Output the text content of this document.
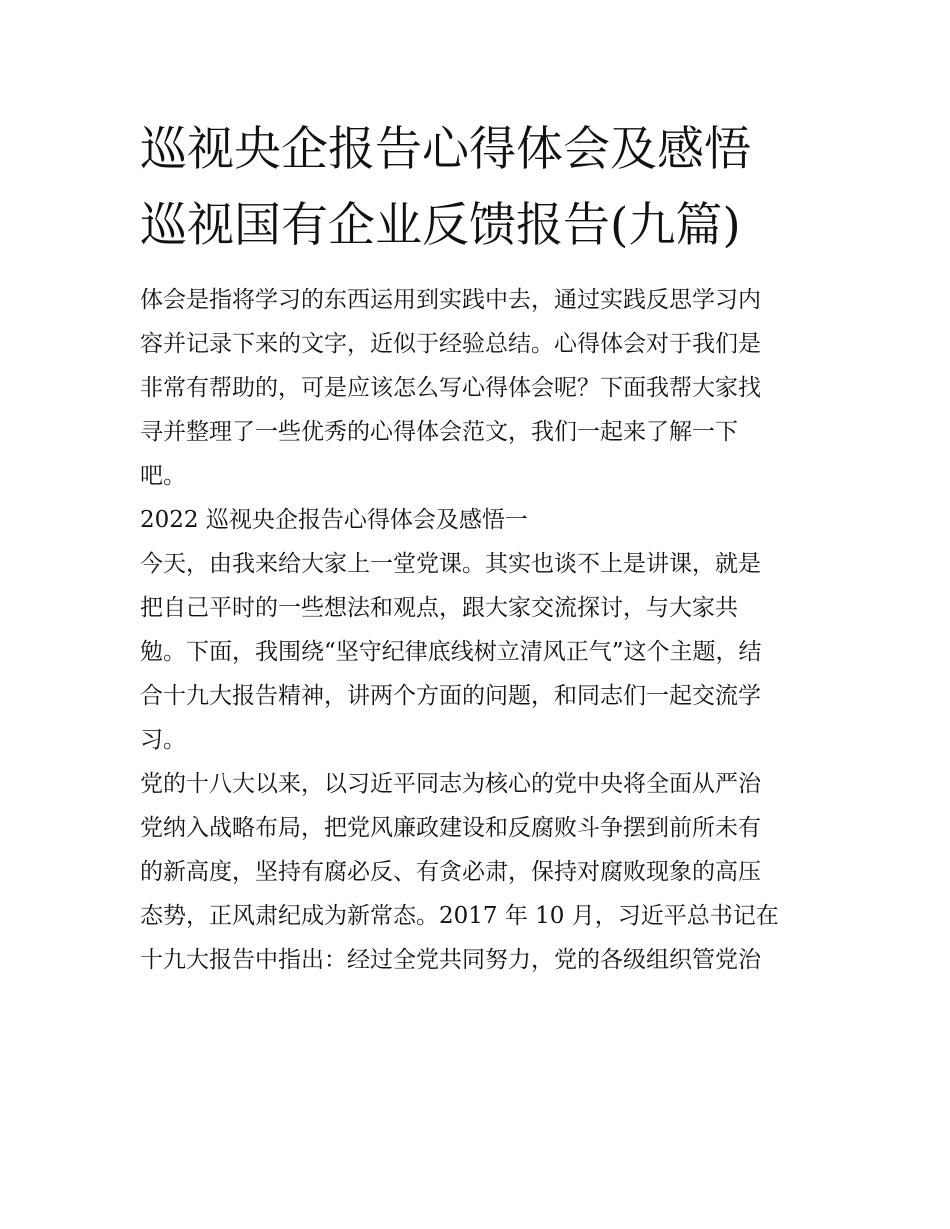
巡视央企报告心得体会及感悟
巡视国有企业反馈报告(九篇)

体会是指将学习的东西运用到实践中去，通过实践反思学习内
容并记录下来的文字，近似于经验总结。心得体会对于我们是
非常有帮助的，可是应该怎么写心得体会呢？下面我帮大家找
寻并整理了一些优秀的心得体会范文，我们一起来了解一下
吧。

2022 巡视央企报告心得体会及感悟一

今天，由我来给大家上一堂党课。其实也谈不上是讲课，就是
把自己平时的一些想法和观点，跟大家交流探讨，与大家共
勉。下面，我围绕“坚守纪律底线树立清风正气”这个主题，结
合十九大报告精神，讲两个方面的问题，和同志们一起交流学
习。

党的十八大以来，以习近平同志为核心的党中央将全面从严治
党纳入战略布局，把党风廉政建设和反腐败斗争摆到前所未有
的新高度，坚持有腐必反、有贪必肃，保持对腐败现象的高压
态势，正风肃纪成为新常态。2017 年 10 月，习近平总书记在
十九大报告中指出：经过全党共同努力，党的各级组织管党治
